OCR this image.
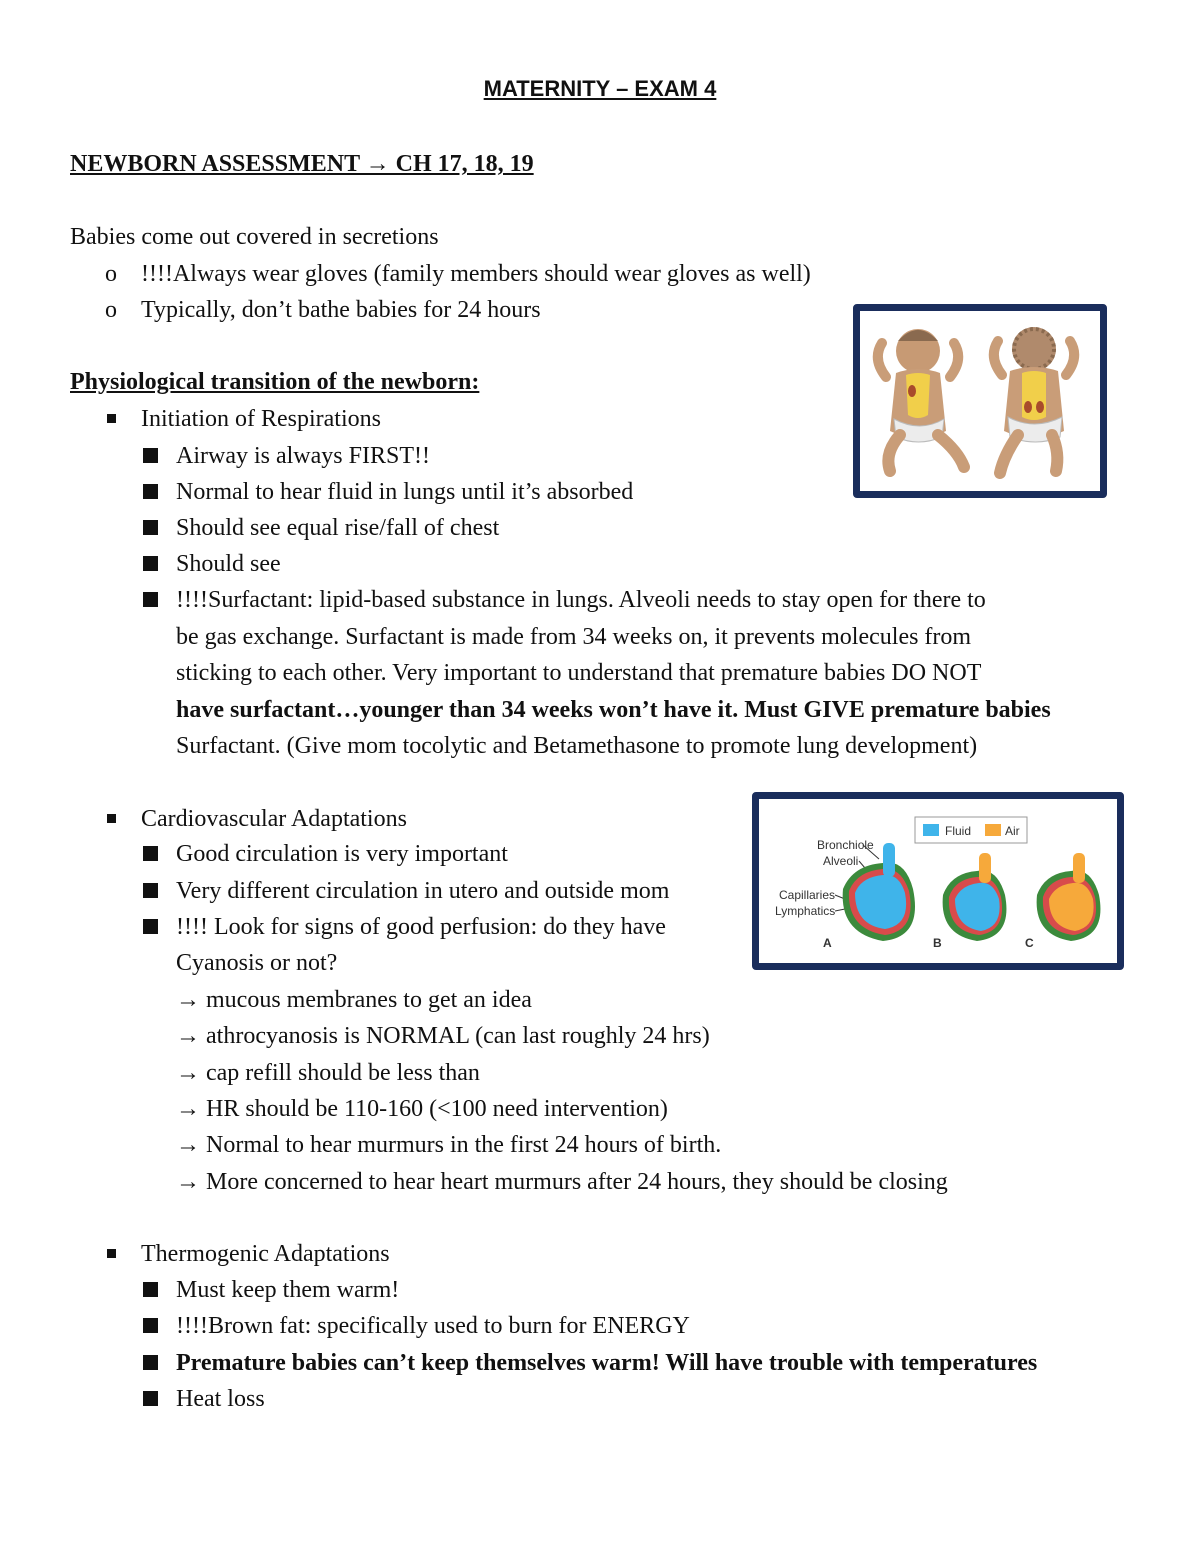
MATERNITY – EXAM 4
NEWBORN ASSESSMENT → CH 17, 18, 19
Babies come out covered in secretions
o !!!!Always wear gloves (family members should wear gloves as well)
o Typically, don’t bathe babies for 24 hours
Physiological transition of the newborn:
Initiation of Respirations
Airway is always FIRST!!
Normal to hear fluid in lungs until it’s absorbed
Should see equal rise/fall of chest
Should see
!!!!Surfactant: lipid-based substance in lungs. Alveoli needs to stay open for there to
be gas exchange. Surfactant is made from 34 weeks on, it prevents molecules from
sticking to each other. Very important to understand that premature babies DO NOT
have surfactant…younger than 34 weeks won’t have it. Must GIVE premature babies
Surfactant. (Give mom tocolytic and Betamethasone to promote lung development)
Cardiovascular Adaptations
Good circulation is very important
Very different circulation in utero and outside mom
!!!! Look for signs of good perfusion: do they have
Cyanosis or not?
→ mucous membranes to get an idea
→ athrocyanosis is NORMAL (can last roughly 24 hrs)
→ cap refill should be less than
→ HR should be 110-160 (<100 need intervention)
→ Normal to hear murmurs in the first 24 hours of birth.
→ More concerned to hear heart murmurs after 24 hours, they should be closing
Fluid	Air
Bronchiole
Alveoli
Capillaries
Lymphatics
A	B	C
Thermogenic Adaptations
Must keep them warm!
!!!!Brown fat: specifically used to burn for ENERGY
Premature babies can’t keep themselves warm! Will have trouble with temperatures
Heat loss
